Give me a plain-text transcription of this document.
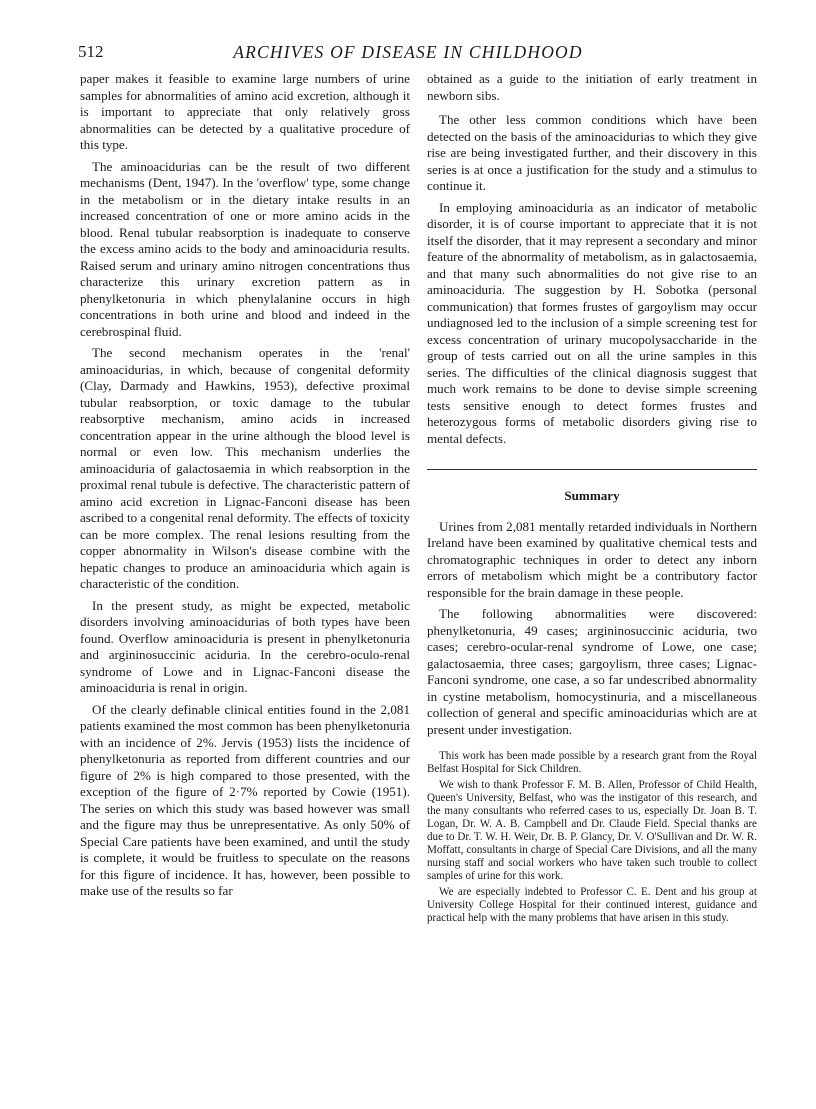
512	ARCHIVES OF DISEASE IN CHILDHOOD

paper makes it feasible to examine large numbers of urine samples for abnormalities of amino acid excretion, although it is important to appreciate that only relatively gross abnormalities can be detected by a qualitative procedure of this type.

The aminoacidurias can be the result of two different mechanisms (Dent, 1947). In the 'overflow' type, some change in the metabolism or in the dietary intake results in an increased concentration of one or more amino acids in the blood. Renal tubular reabsorption is inadequate to conserve the excess amino acids to the body and aminoaciduria results. Raised serum and urinary amino nitrogen concentrations thus characterize this urinary excretion pattern as in phenylketonuria in which phenylalanine occurs in high concentrations in both urine and blood and indeed in the cerebrospinal fluid.

The second mechanism operates in the 'renal' aminoacidurias, in which, because of congenital deformity (Clay, Darmady and Hawkins, 1953), defective proximal tubular reabsorption, or toxic damage to the tubular reabsorptive mechanism, amino acids in increased concentration appear in the urine although the blood level is normal or even low. This mechanism underlies the aminoaciduria of galactosaemia in which reabsorption in the proximal renal tubule is defective. The characteristic pattern of amino acid excretion in Lignac-Fanconi disease has been ascribed to a congenital renal deformity. The effects of toxicity can be more complex. The renal lesions resulting from the copper abnormality in Wilson's disease combine with the hepatic changes to produce an aminoaciduria which again is characteristic of the condition.

In the present study, as might be expected, metabolic disorders involving aminoacidurias of both types have been found. Overflow aminoaciduria is present in phenylketonuria and argininosuccinic aciduria. In the cerebro-oculo-renal syndrome of Lowe and in Lignac-Fanconi disease the aminoaciduria is renal in origin.

Of the clearly definable clinical entities found in the 2,081 patients examined the most common has been phenylketonuria with an incidence of 2%. Jervis (1953) lists the incidence of phenylketonuria as reported from different countries and our figure of 2% is high compared to those presented, with the exception of the figure of 2·7% reported by Cowie (1951). The series on which this study was based however was small and the figure may thus be unrepresentative. As only 50% of Special Care patients have been examined, and until the study is complete, it would be fruitless to speculate on the reasons for this figure of incidence. It has, however, been possible to make use of the results so far

obtained as a guide to the initiation of early treatment in newborn sibs.

The other less common conditions which have been detected on the basis of the aminoacidurias to which they give rise are being investigated further, and their discovery in this series is at once a justification for the study and a stimulus to continue it.

In employing aminoaciduria as an indicator of metabolic disorder, it is of course important to appreciate that it is not itself the disorder, that it may represent a secondary and minor feature of the abnormality of metabolism, as in galactosaemia, and that many such abnormalities do not give rise to an aminoaciduria. The suggestion by H. Sobotka (personal communication) that formes frustes of gargoylism may occur undiagnosed led to the inclusion of a simple screening test for excess concentration of urinary mucopolysaccharide in the group of tests carried out on all the urine samples in this series. The difficulties of the clinical diagnosis suggest that much work remains to be done to devise simple screening tests sensitive enough to detect formes frustes and heterozygous forms of metabolic disorders giving rise to mental defects.

Summary

Urines from 2,081 mentally retarded individuals in Northern Ireland have been examined by qualitative chemical tests and chromatographic techniques in order to detect any inborn errors of metabolism which might be a contributory factor responsible for the brain damage in these people.

The following abnormalities were discovered: phenylketonuria, 49 cases; argininosuccinic aciduria, two cases; cerebro-ocular-renal syndrome of Lowe, one case; galactosaemia, three cases; gargoylism, three cases; Lignac-Fanconi syndrome, one case, a so far undescribed abnormality in cystine metabolism, homocystinuria, and a miscellaneous collection of general and specific aminoacidurias which are at present under investigation.

This work has been made possible by a research grant from the Royal Belfast Hospital for Sick Children.

We wish to thank Professor F. M. B. Allen, Professor of Child Health, Queen's University, Belfast, who was the instigator of this research, and the many consultants who referred cases to us, especially Dr. Joan B. T. Logan, Dr. W. A. B. Campbell and Dr. Claude Field. Special thanks are due to Dr. T. W. H. Weir, Dr. B. P. Glancy, Dr. V. O'Sullivan and Dr. W. R. Moffatt, consultants in charge of Special Care Divisions, and all the many nursing staff and social workers who have taken such trouble to collect samples of urine for this work.

We are especially indebted to Professor C. E. Dent and his group at University College Hospital for their continued interest, guidance and practical help with the many problems that have arisen in this study.
